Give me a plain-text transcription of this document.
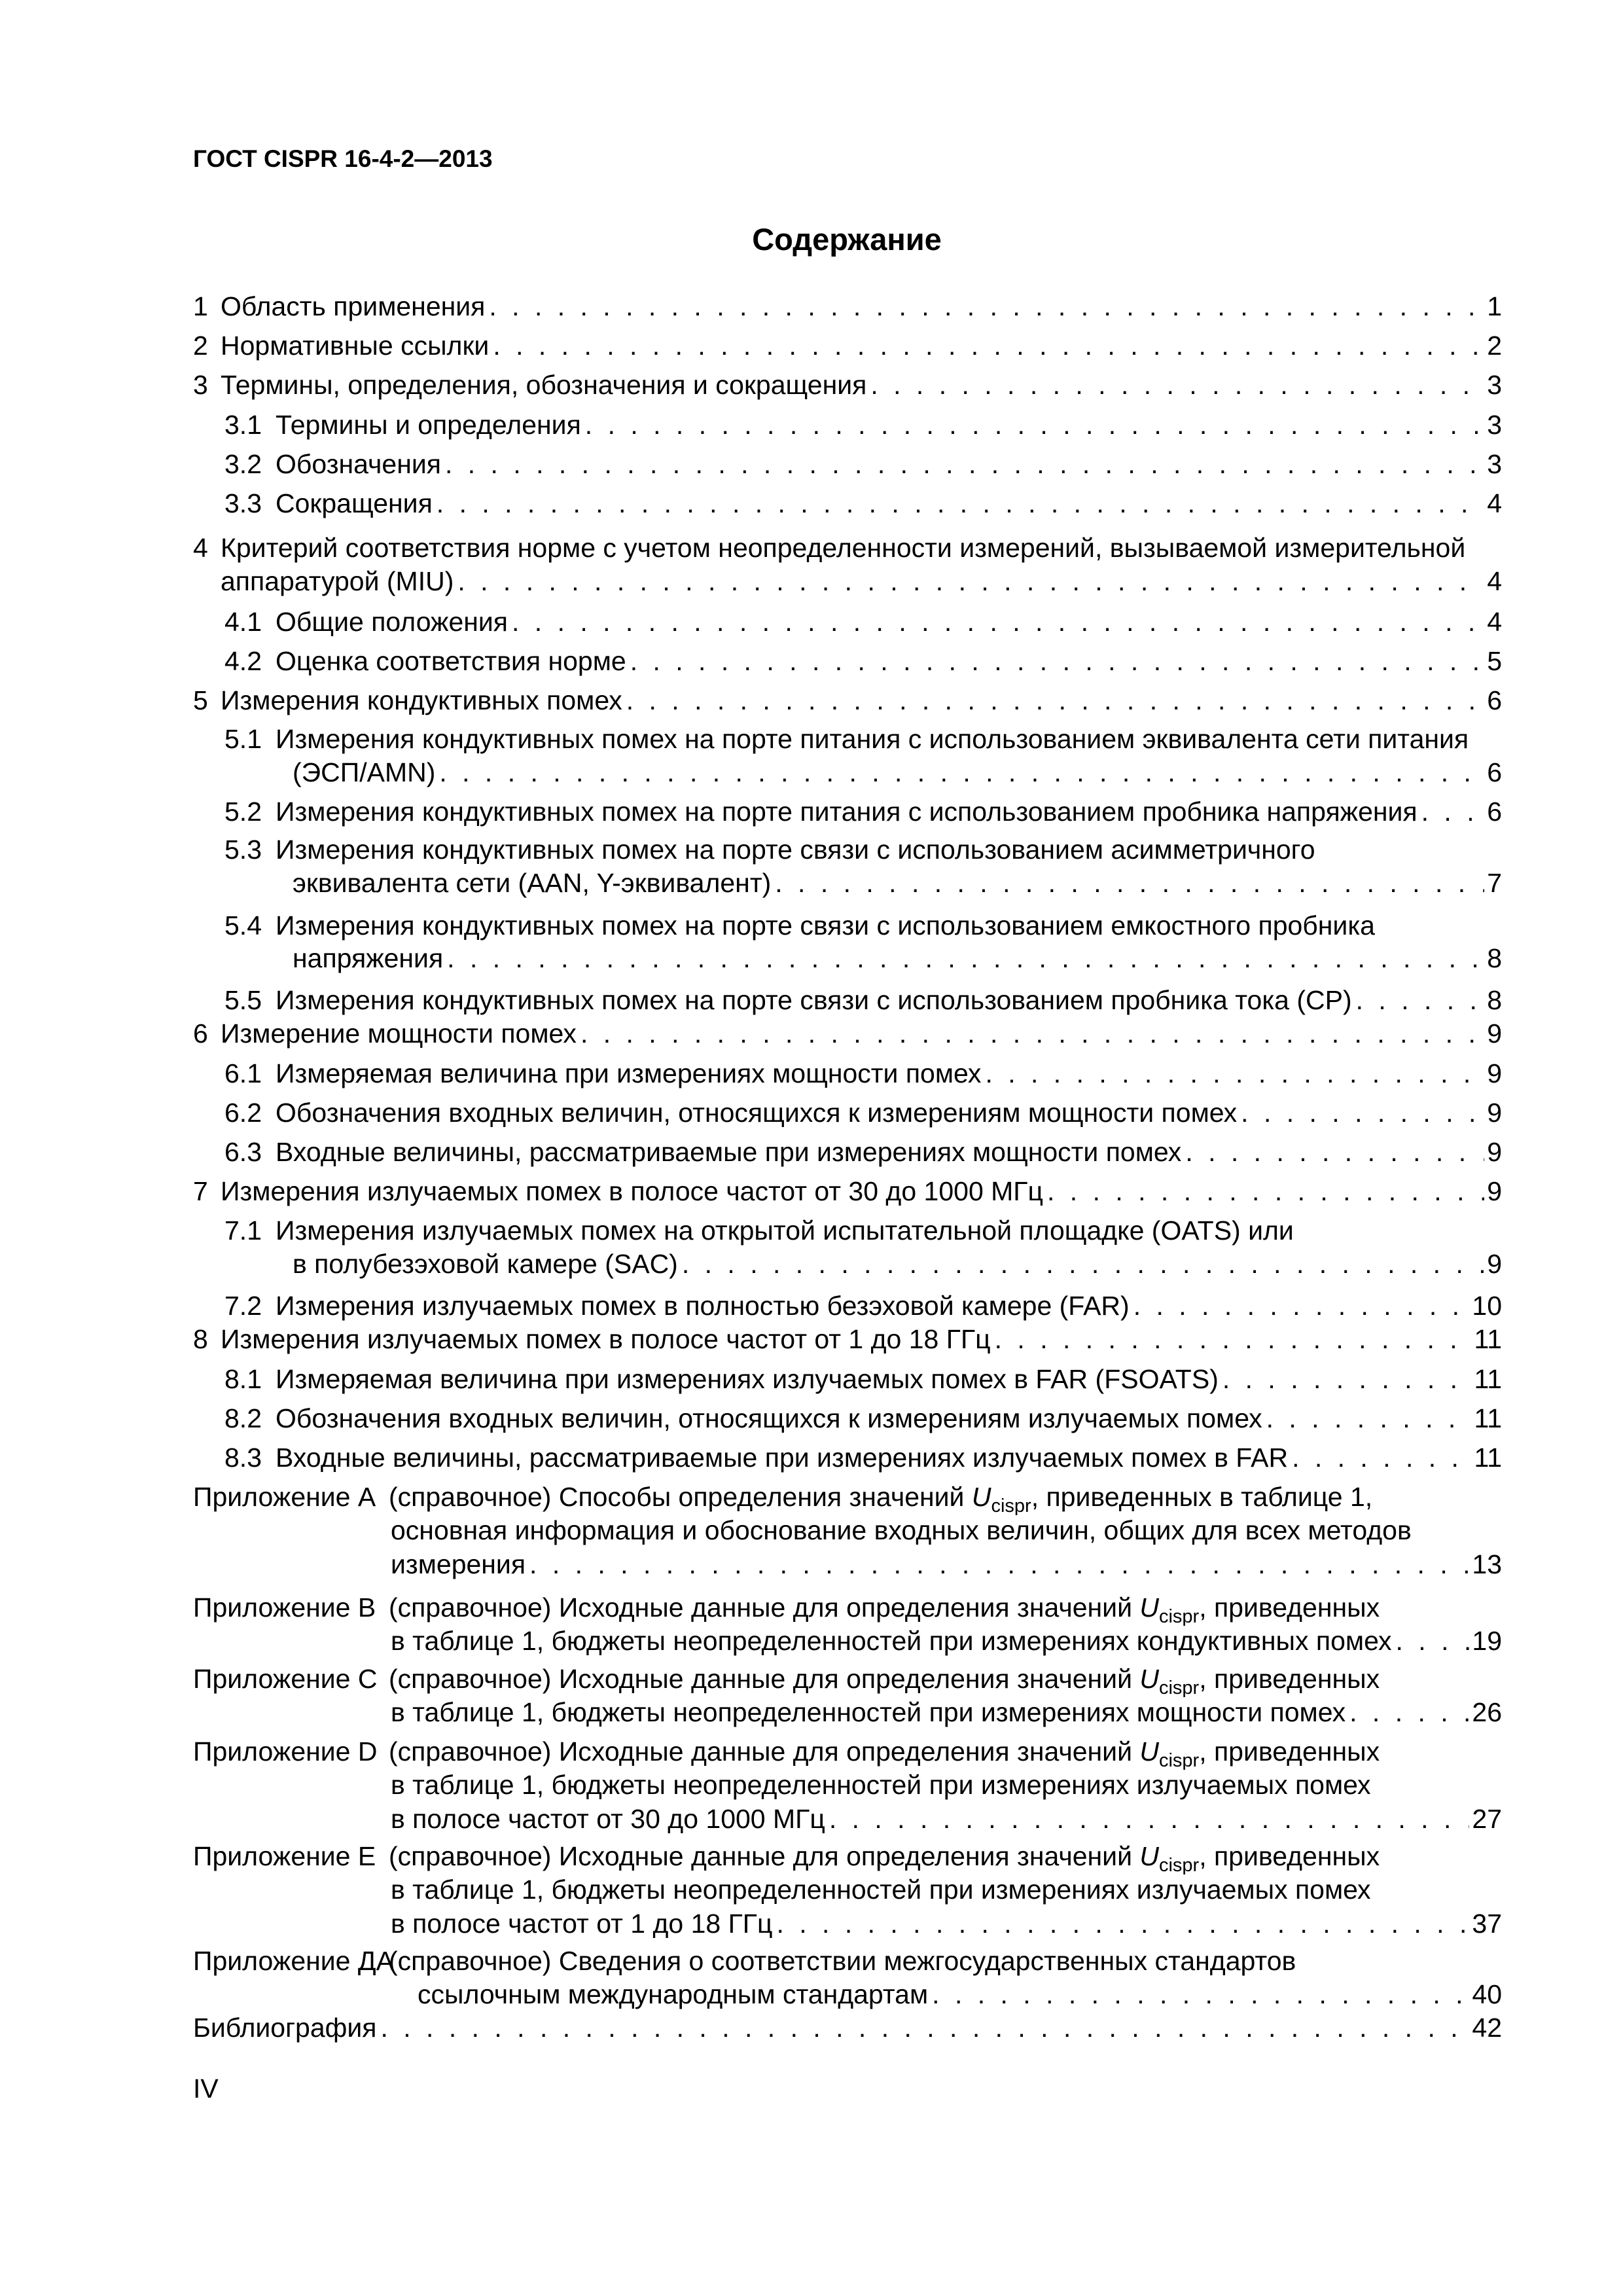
ГОСТ CISPR 16-4-2—2013
Содержание
1 Область применения . . .	1
2 Нормативные ссылки . . .	2
3 Термины, определения, обозначения и сокращения . . .	3
3.1 Термины и определения . . .	3
3.2 Обозначения . . .	3
3.3 Сокращения . . .	4
4 Критерий соответствия норме с учетом неопределенности измерений, вызываемой измерительной
аппаратурой (MIU) . . .	4
4.1 Общие положения . . .	4
4.2 Оценка соответствия норме . . .	5
5 Измерения кондуктивных помех . . .	6
5.1 Измерения кондуктивных помех на порте питания с использованием эквивалента сети питания
(ЭСП/AMN) . . .	6
5.2 Измерения кондуктивных помех на порте питания с использованием пробника напряжения . . .	6
5.3 Измерения кондуктивных помех на порте связи с использованием асимметричного
эквивалента сети (AAN, Y-эквивалент) . . .	7
5.4 Измерения кондуктивных помех на порте связи с использованием емкостного пробника
напряжения . . .	8
5.5 Измерения кондуктивных помех на порте связи с использованием пробника тока (CP) . . .	8
6 Измерение мощности помех . . .	9
6.1 Измеряемая величина при измерениях мощности помех . . .	9
6.2 Обозначения входных величин, относящихся к измерениям мощности помех . . .	9
6.3 Входные величины, рассматриваемые при измерениях мощности помех . . .	9
7 Измерения излучаемых помех в полосе частот от 30 до 1000 МГц . . .	9
7.1 Измерения излучаемых помех на открытой испытательной площадке (OATS) или
в полубезэховой камере (SAC) . . .	9
7.2 Измерения излучаемых помех в полностью безэховой камере (FAR) . . .	10
8 Измерения излучаемых помех в полосе частот от 1 до 18 ГГц . . .	11
8.1 Измеряемая величина при измерениях излучаемых помех в FAR (FSOATS) . . .	11
8.2 Обозначения входных величин, относящихся к измерениям излучаемых помех . . .	11
8.3 Входные величины, рассматриваемые при измерениях излучаемых помех в FAR . . .	11
Приложение A (справочное) Способы определения значений $U_{cispr}$, приведенных в таблице 1,
основная информация и обоснование входных величин, общих для всех методов
измерения . . .	13
Приложение B (справочное) Исходные данные для определения значений $U_{cispr}$, приведенных
в таблице 1, бюджеты неопределенностей при измерениях кондуктивных помех . . .	19
Приложение C (справочное) Исходные данные для определения значений $U_{cispr}$, приведенных
в таблице 1, бюджеты неопределенностей при измерениях мощности помех . . .	26
Приложение D (справочное) Исходные данные для определения значений $U_{cispr}$, приведенных
в таблице 1, бюджеты неопределенностей при измерениях излучаемых помех
в полосе частот от 30 до 1000 МГц . . .	27
Приложение E (справочное) Исходные данные для определения значений $U_{cispr}$, приведенных
в таблице 1, бюджеты неопределенностей при измерениях излучаемых помех
в полосе частот от 1 до 18 ГГц . . .	37
Приложение ДА
(справочное) Сведения о соответствии межгосударственных стандартов
ссылочным международным стандартам . . .	40
Библиография . . .	42
IV
